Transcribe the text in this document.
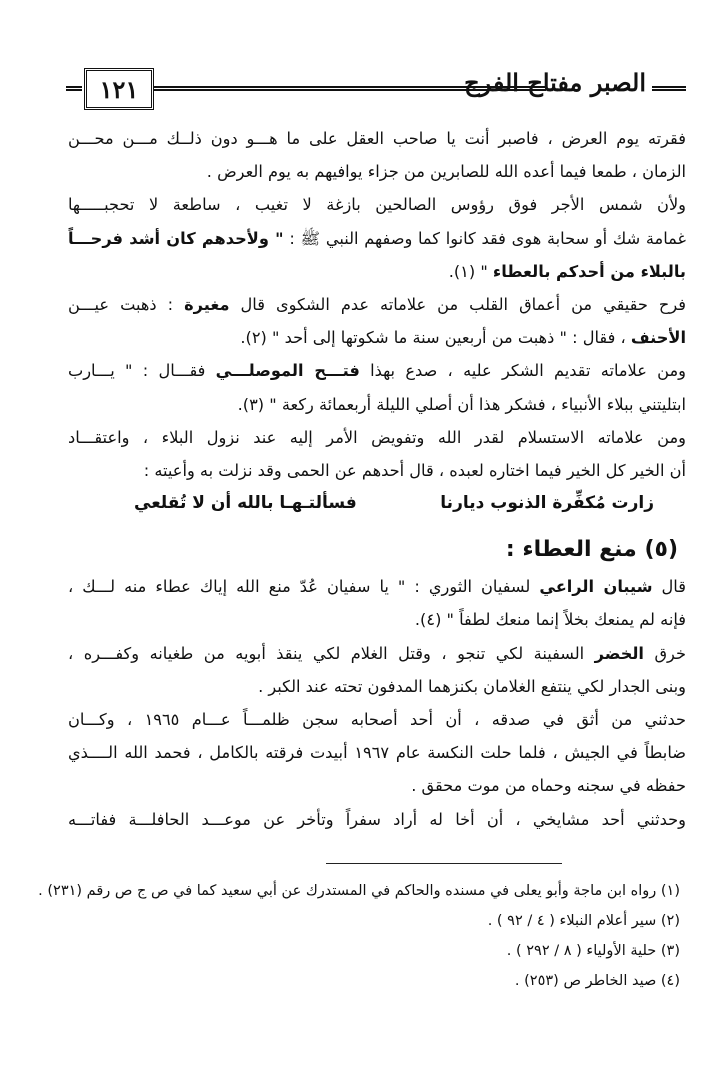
١٢١	الصبر مفتاح الفرج
فقرته يوم العرض ، فاصبر أنت يا صاحب العقل على ما هـــو دون ذلــك مـــن محـــن
الزمان ، طمعا فيما أعده الله للصابرين من جزاء يوافيهم به يوم العرض .
ولأن شمس الأجر فوق رؤوس الصالحين بازغة لا تغيب ، ساطعة لا تحجبـــــها
غمامة شك أو سحابة هوى فقد كانوا كما وصفهم النبي ﷺ : " ولأحدهم كان أشد فرحـــاً
بالبلاء من أحدكم بالعطاء " (١).
فرح حقيقي من أعماق القلب من علاماته عدم الشكوى قال مغيرة : ذهبت عيـــن
الأحنف ، فقال : " ذهبت من أربعين سنة ما شكوتها إلى أحد " (٢).
ومن علاماته تقديم الشكر عليه ، صدع بهذا فتـــح الموصلـــي فقـــال : " يـــارب
ابتليتني ببلاء الأنبياء ، فشكر هذا أن أصلي الليلة أربعمائة ركعة " (٣).
ومن علاماته الاستسلام لقدر الله وتفويض الأمر إليه عند نزول البلاء ، واعتقـــاد
أن الخير كل الخير فيما اختاره لعبده ، قال أحدهم عن الحمى وقد نزلت به وأعيته :
زارت مُكفِّرة الذنوب ديارنا
فسألتـهـا بالله أن لا تُقلعي
(٥) منع العطاء :
قال شيبان الراعي لسفيان الثوري : " يا سفيان عُدّ منع الله إياك عطاء منه لـــك ،
فإنه لم يمنعك بخلاً إنما منعك لطفاً " (٤).
خرق الخضر السفينة لكي تنجو ، وقتل الغلام لكي ينقذ أبويه من طغيانه وكفـــره ،
وبنى الجدار لكي ينتفع الغلامان بكنزهما المدفون تحته عند الكبر .
حدثني من أثق في صدقه ، أن أحد أصحابه سجن ظلمـــاً عـــام ١٩٦٥ ، وكـــان
ضابطاً في الجيش ، فلما حلت النكسة عام ١٩٦٧ أبيدت فرقته بالكامل ، فحمد الله الــــذي
حفظه في سجنه وحماه من موت محقق .
وحدثني أحد مشايخي ، أن أخا له أراد سفراً وتأخر عن موعـــد الحافلـــة ففاتـــه
(١) رواه ابن ماجة وأبو يعلى في مسنده والحاكم في المستدرك عن أبي سعيد كما في ص ج ص رقم (٢٣١) .
(٢) سير أعلام النبلاء ( ٤ / ٩٢ ) .
(٣) حلية الأولياء ( ٨ / ٢٩٢ ) .
(٤) صيد الخاطر ص (٢٥٣) .
